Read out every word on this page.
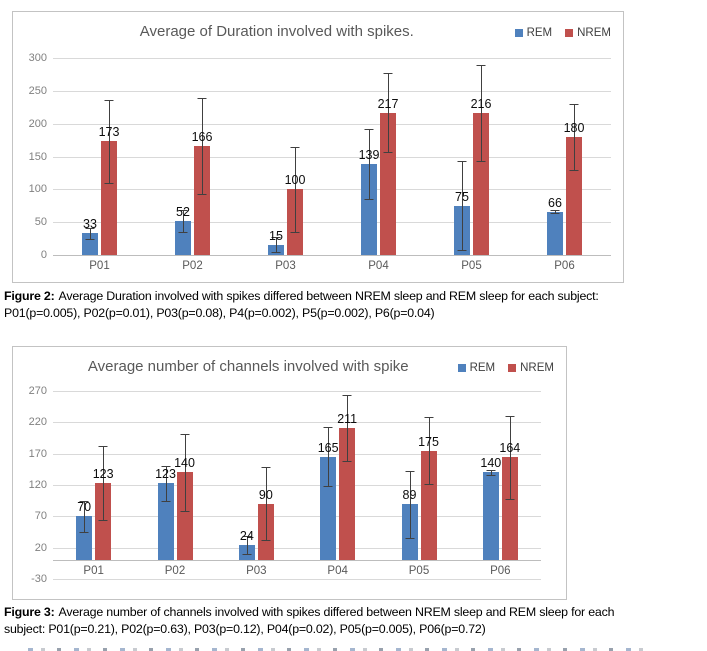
Average of Duration involved with spikes.	REM NREM
300
250
200
150
100
50
0
P01
33
173
P02
52
166
P03
15
100
P04
139
217
P05
75
216
P06
66
180

Figure 2: Average Duration involved with spikes differed between NREM sleep and REM sleep for each subject:
P01(p=0.005), P02(p=0.01), P03(p=0.08), P4(p=0.002), P5(p=0.002), P6(p=0.04)

Average number of channels involved with spike	REM NREM
270
220
170
120
70
20
-30
P01
70
123
P02
123
140
P03
24
90
P04
165
211
P05
89
175
P06
140
164

Figure 3: Average number of channels involved with spikes differed between NREM sleep and REM sleep for each
subject: P01(p=0.21), P02(p=0.63), P03(p=0.12), P04(p=0.02), P05(p=0.005), P06(p=0.72)
